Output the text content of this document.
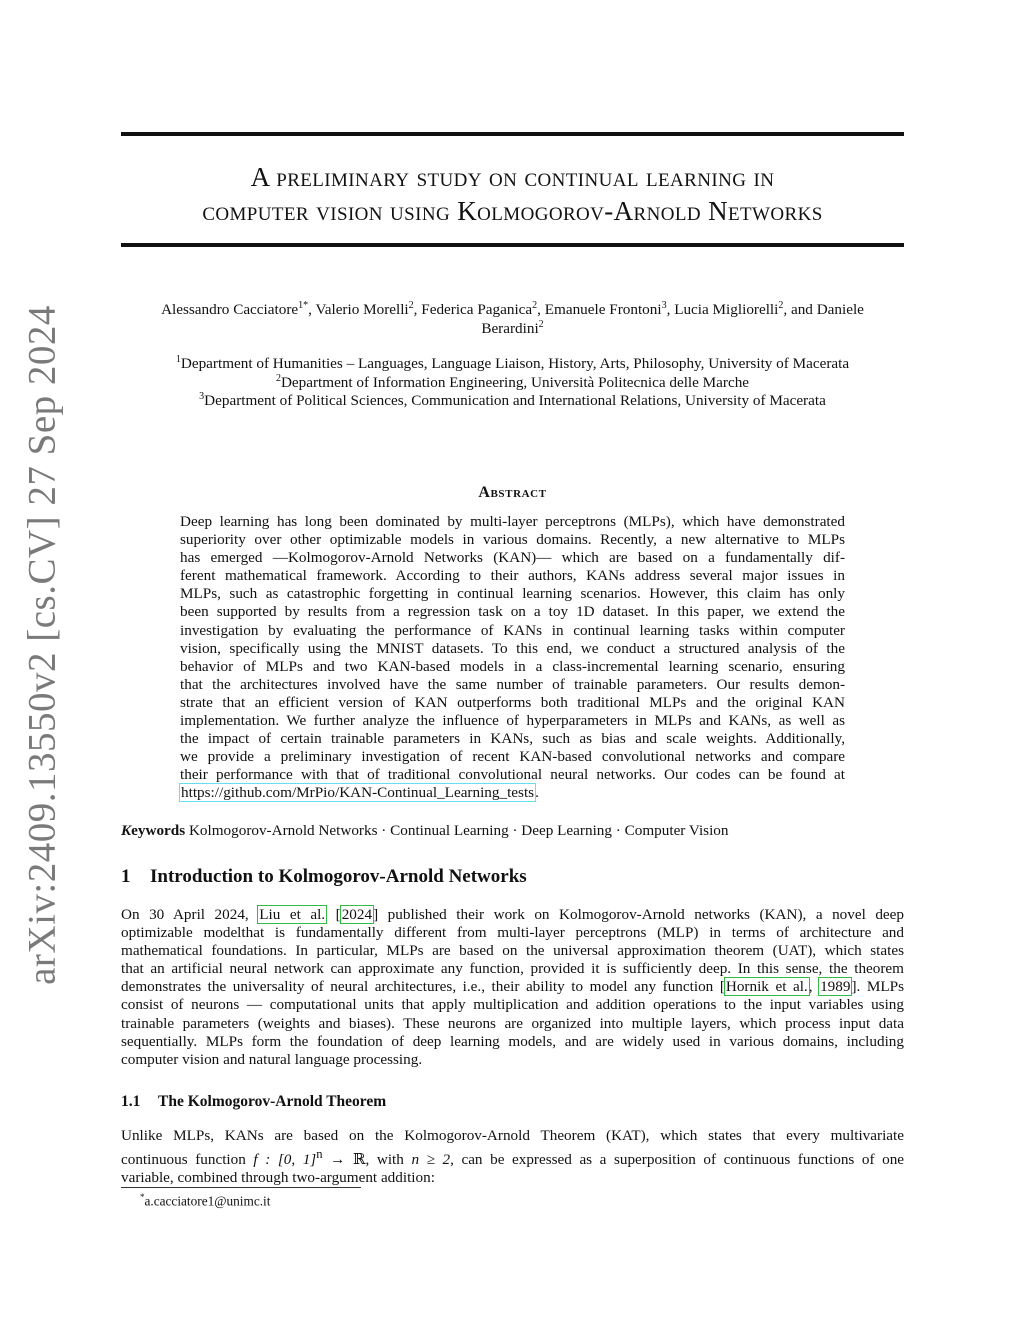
arXiv:2409.13550v2 [cs.CV] 27 Sep 2024
A preliminary study on continual learning in
computer vision using Kolmogorov-Arnold Networks
Alessandro Cacciatore$^{1*}$, Valerio Morelli$^2$, Federica Paganica$^2$, Emanuele Frontoni$^3$, Lucia Migliorelli$^2$, and Daniele
Berardini$^2$
$^1$Department of Humanities – Languages, Language Liaison, History, Arts, Philosophy, University of Macerata
$^2$Department of Information Engineering, Università Politecnica delle Marche
$^3$Department of Political Sciences, Communication and International Relations, University of Macerata
Abstract
Deep learning has long been dominated by multi-layer perceptrons (MLPs), which have demonstrated
superiority over other optimizable models in various domains. Recently, a new alternative to MLPs
has emerged —Kolmogorov-Arnold Networks (KAN)— which are based on a fundamentally dif-
ferent mathematical framework. According to their authors, KANs address several major issues in
MLPs, such as catastrophic forgetting in continual learning scenarios. However, this claim has only
been supported by results from a regression task on a toy 1D dataset. In this paper, we extend the
investigation by evaluating the performance of KANs in continual learning tasks within computer
vision, specifically using the MNIST datasets. To this end, we conduct a structured analysis of the
behavior of MLPs and two KAN-based models in a class-incremental learning scenario, ensuring
that the architectures involved have the same number of trainable parameters. Our results demon-
strate that an efficient version of KAN outperforms both traditional MLPs and the original KAN
implementation. We further analyze the influence of hyperparameters in MLPs and KANs, as well as
the impact of certain trainable parameters in KANs, such as bias and scale weights. Additionally,
we provide a preliminary investigation of recent KAN-based convolutional networks and compare
their performance with that of traditional convolutional neural networks. Our codes can be found at
https://github.com/MrPio/KAN-Continual_Learning_tests.
Keywords Kolmogorov-Arnold Networks · Continual Learning · Deep Learning · Computer Vision
1 Introduction to Kolmogorov-Arnold Networks
On 30 April 2024, Liu et al. [2024] published their work on Kolmogorov-Arnold networks (KAN), a novel deep
optimizable modelthat is fundamentally different from multi-layer perceptrons (MLP) in terms of architecture and
mathematical foundations. In particular, MLPs are based on the universal approximation theorem (UAT), which states
that an artificial neural network can approximate any function, provided it is sufficiently deep. In this sense, the theorem
demonstrates the universality of neural architectures, i.e., their ability to model any function [Hornik et al., 1989]. MLPs
consist of neurons — computational units that apply multiplication and addition operations to the input variables using
trainable parameters (weights and biases). These neurons are organized into multiple layers, which process input data
sequentially. MLPs form the foundation of deep learning models, and are widely used in various domains, including
computer vision and natural language processing.
1.1 The Kolmogorov-Arnold Theorem
Unlike MLPs, KANs are based on the Kolmogorov-Arnold Theorem (KAT), which states that every multivariate
continuous function f : [0, 1]$^n$ → ℝ, with n ≥ 2, can be expressed as a superposition of continuous functions of one
variable, combined through two-argument addition:
*a.cacciatore1@unimc.it
